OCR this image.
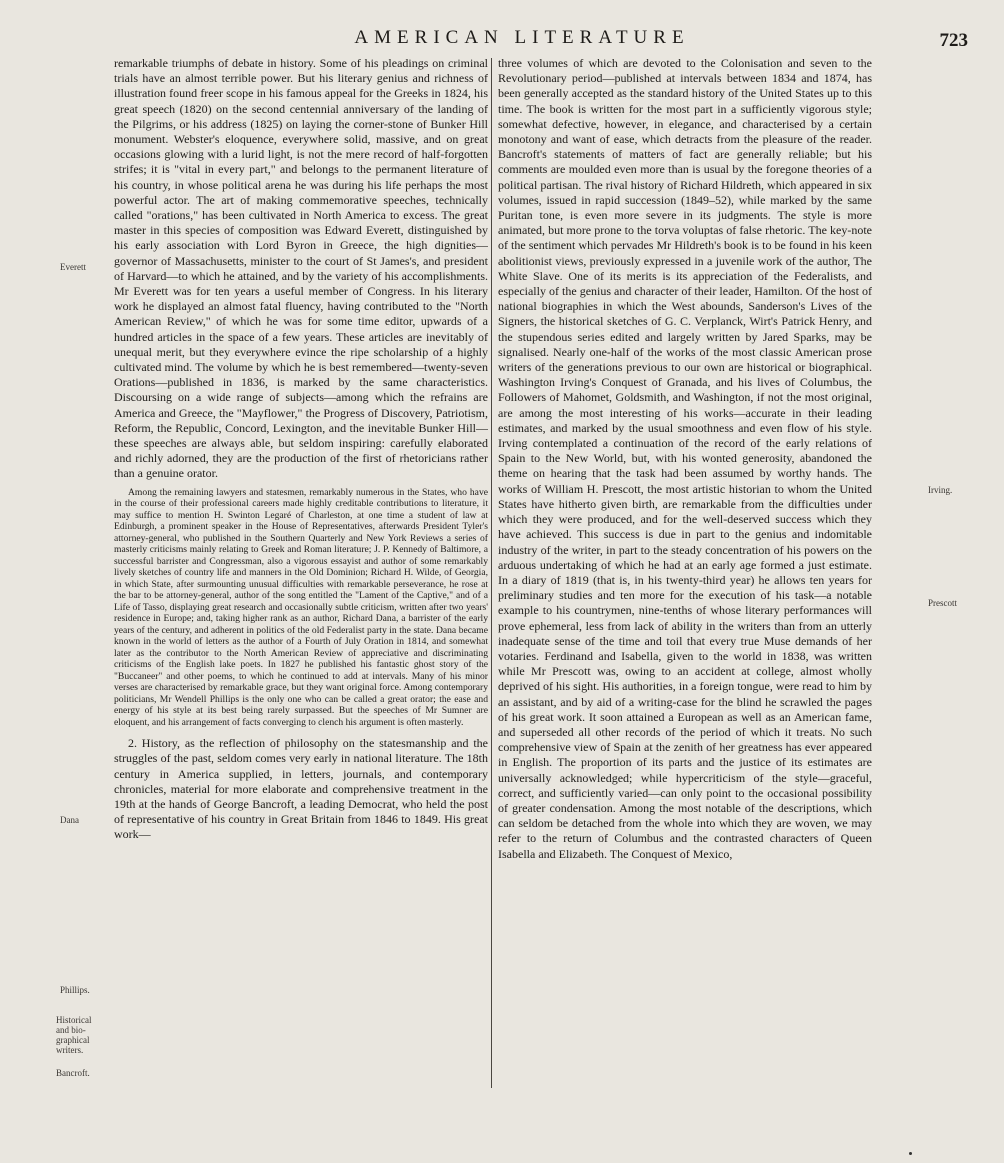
AMERICAN LITERATURE	723
Everett
Dana
Phillips.
Historical and bio-graphical writers.
Bancroft.
Irving.
Prescott

remarkable triumphs of debate in history. Some of his pleadings on criminal trials have an almost terrible power. But his literary genius and richness of illustration found freer scope in his famous appeal for the Greeks in 1824, his great speech (1820) on the second centennial anniversary of the landing of the Pilgrims, or his address (1825) on laying the corner-stone of Bunker Hill monument. Webster's eloquence, everywhere solid, massive, and on great occasions glowing with a lurid light, is not the mere record of half-forgotten strifes; it is "vital in every part," and belongs to the permanent literature of his country, in whose political arena he was during his life perhaps the most powerful actor. The art of making commemorative speeches, technically called "orations," has been cultivated in North America to excess. The great master in this species of composition was Edward Everett, distinguished by his early association with Lord Byron in Greece, the high dignities—governor of Massachusetts, minister to the court of St James's, and president of Harvard—to which he attained, and by the variety of his accomplishments. Mr Everett was for ten years a useful member of Congress. In his literary work he displayed an almost fatal fluency, having contributed to the "North American Review," of which he was for some time editor, upwards of a hundred articles in the space of a few years. These articles are inevitably of unequal merit, but they everywhere evince the ripe scholarship of a highly cultivated mind. The volume by which he is best remembered—twenty-seven Orations—published in 1836, is marked by the same characteristics. Discoursing on a wide range of subjects—among which the refrains are America and Greece, the "Mayflower," the Progress of Discovery, Patriotism, Reform, the Republic, Concord, Lexington, and the inevitable Bunker Hill—these speeches are always able, but seldom inspiring: carefully elaborated and richly adorned, they are the production of the first of rhetoricians rather than a genuine orator.

Among the remaining lawyers and statesmen, remarkably numerous in the States, who have in the course of their professional careers made highly creditable contributions to literature, it may suffice to mention H. Swinton Legaré of Charleston, at one time a student of law at Edinburgh, a prominent speaker in the House of Representatives, afterwards President Tyler's attorney-general, who published in the Southern Quarterly and New York Reviews a series of masterly criticisms mainly relating to Greek and Roman literature; J. P. Kennedy of Baltimore, a successful barrister and Congressman, also a vigorous essayist and author of some remarkably lively sketches of country life and manners in the Old Dominion; Richard H. Wilde, of Georgia, in which State, after surmounting unusual difficulties with remarkable perseverance, he rose at the bar to be attorney-general, author of the song entitled the "Lament of the Captive," and of a Life of Tasso, displaying great research and occasionally subtle criticism, written after two years' residence in Europe; and, taking higher rank as an author, Richard Dana, a barrister of the early years of the century, and adherent in politics of the old Federalist party in the state. Dana became known in the world of letters as the author of a Fourth of July Oration in 1814, and somewhat later as the contributor to the North American Review of appreciative and discriminating criticisms of the English lake poets. In 1827 he published his fantastic ghost story of the "Buccaneer" and other poems, to which he continued to add at intervals. Many of his minor verses are characterised by remarkable grace, but they want original force. Among contemporary politicians, Mr Wendell Phillips is the only one who can be called a great orator; the ease and energy of his style at its best being rarely surpassed. But the speeches of Mr Sumner are eloquent, and his arrangement of facts converging to clench his argument is often masterly.

2. History, as the reflection of philosophy on the statesmanship and the struggles of the past, seldom comes very early in national literature. The 18th century in America supplied, in letters, journals, and contemporary chronicles, material for more elaborate and comprehensive treatment in the 19th at the hands of George Bancroft, a leading Democrat, who held the post of representative of his country in Great Britain from 1846 to 1849. His great work—

three volumes of which are devoted to the Colonisation and seven to the Revolutionary period—published at intervals between 1834 and 1874, has been generally accepted as the standard history of the United States up to this time. The book is written for the most part in a sufficiently vigorous style; somewhat defective, however, in elegance, and characterised by a certain monotony and want of ease, which detracts from the pleasure of the reader. Bancroft's statements of matters of fact are generally reliable; but his comments are moulded even more than is usual by the foregone theories of a political partisan. The rival history of Richard Hildreth, which appeared in six volumes, issued in rapid succession (1849–52), while marked by the same Puritan tone, is even more severe in its judgments. The style is more animated, but more prone to the torva voluptas of false rhetoric. The key-note of the sentiment which pervades Mr Hildreth's book is to be found in his keen abolitionist views, previously expressed in a juvenile work of the author, The White Slave. One of its merits is its appreciation of the Federalists, and especially of the genius and character of their leader, Hamilton. Of the host of national biographies in which the West abounds, Sanderson's Lives of the Signers, the historical sketches of G. C. Verplanck, Wirt's Patrick Henry, and the stupendous series edited and largely written by Jared Sparks, may be signalised. Nearly one-half of the works of the most classic American prose writers of the generations previous to our own are historical or biographical. Washington Irving's Conquest of Granada, and his lives of Columbus, the Followers of Mahomet, Goldsmith, and Washington, if not the most original, are among the most interesting of his works—accurate in their leading estimates, and marked by the usual smoothness and even flow of his style. Irving contemplated a continuation of the record of the early relations of Spain to the New World, but, with his wonted generosity, abandoned the theme on hearing that the task had been assumed by worthy hands. The works of William H. Prescott, the most artistic historian to whom the United States have hitherto given birth, are remarkable from the difficulties under which they were produced, and for the well-deserved success which they have achieved. This success is due in part to the genius and indomitable industry of the writer, in part to the steady concentration of his powers on the arduous undertaking of which he had at an early age formed a just estimate. In a diary of 1819 (that is, in his twenty-third year) he allows ten years for preliminary studies and ten more for the execution of his task—a notable example to his countrymen, nine-tenths of whose literary performances will prove ephemeral, less from lack of ability in the writers than from an utterly inadequate sense of the time and toil that every true Muse demands of her votaries. Ferdinand and Isabella, given to the world in 1838, was written while Mr Prescott was, owing to an accident at college, almost wholly deprived of his sight. His authorities, in a foreign tongue, were read to him by an assistant, and by aid of a writing-case for the blind he scrawled the pages of his great work. It soon attained a European as well as an American fame, and superseded all other records of the period of which it treats. No such comprehensive view of Spain at the zenith of her greatness has ever appeared in English. The proportion of its parts and the justice of its estimates are universally acknowledged; while hypercriticism of the style—graceful, correct, and sufficiently varied—can only point to the occasional possibility of greater condensation. Among the most notable of the descriptions, which can seldom be detached from the whole into which they are woven, we may refer to the return of Columbus and the contrasted characters of Queen Isabella and Elizabeth. The Conquest of Mexico,
